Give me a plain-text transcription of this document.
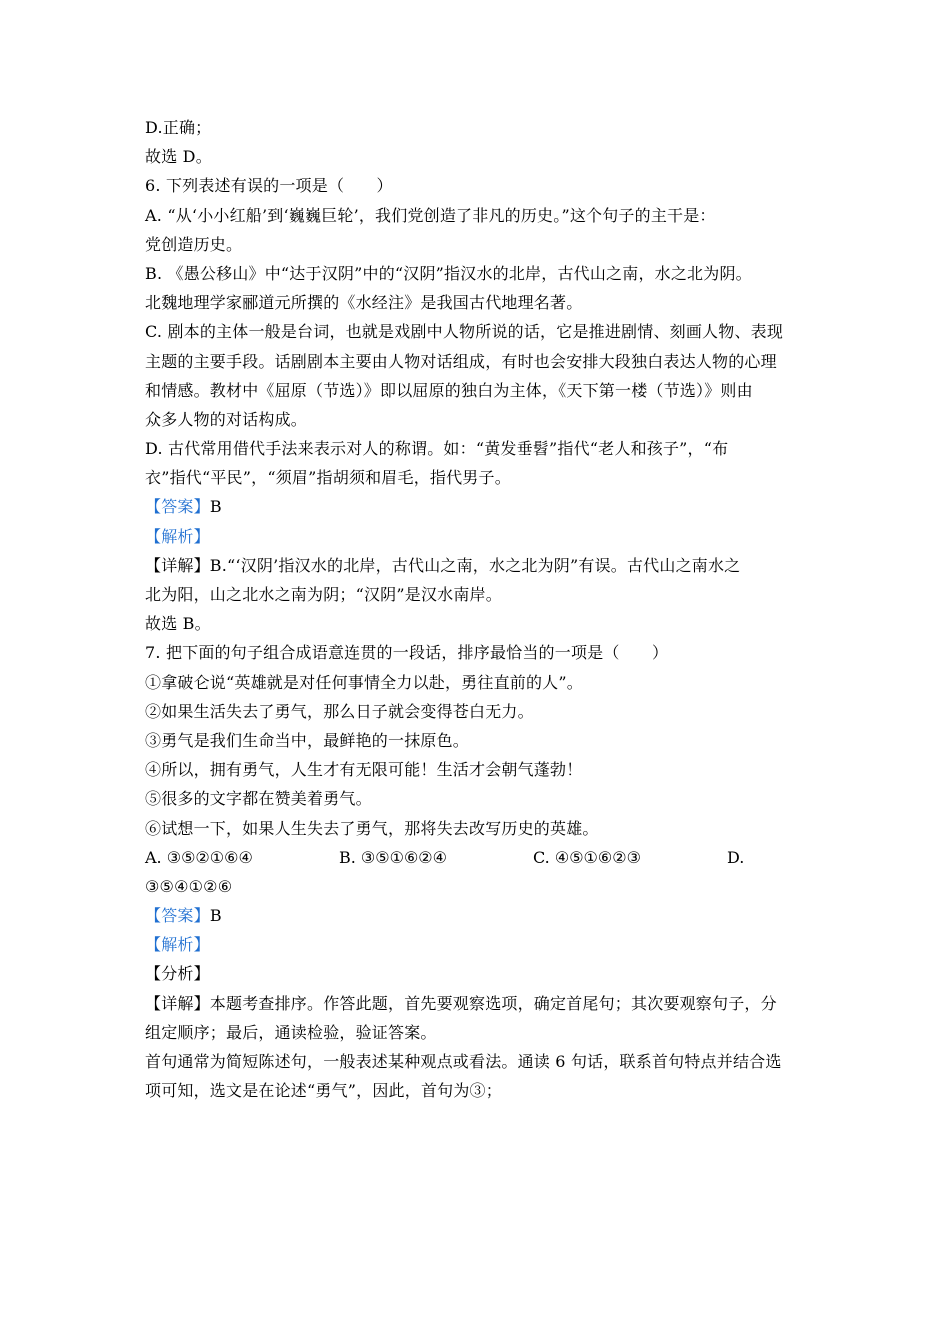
D.正确；
故选 D。
6. 下列表述有误的一项是（　　）
A. “从‘小小红船’到‘巍巍巨轮’，我们党创造了非凡的历史。”这个句子的主干是：
党创造历史。
B. 《愚公移山》中“达于汉阴”中的“汉阴”指汉水的北岸，古代山之南，水之北为阴。
北魏地理学家郦道元所撰的《水经注》是我国古代地理名著。
C. 剧本的主体一般是台词，也就是戏剧中人物所说的话，它是推进剧情、刻画人物、表现
主题的主要手段。话剧剧本主要由人物对话组成，有时也会安排大段独白表达人物的心理
和情感。教材中《屈原（节选）》即以屈原的独白为主体，《天下第一楼（节选）》则由
众多人物的对话构成。
D. 古代常用借代手法来表示对人的称谓。如：“黄发垂髫”指代“老人和孩子”，“布
衣”指代“平民”，“须眉”指胡须和眉毛，指代男子。
【答案】B
【解析】
【详解】B.“‘汉阴’指汉水的北岸，古代山之南，水之北为阴”有误。古代山之南水之
北为阳，山之北水之南为阴；“汉阴”是汉水南岸。
故选 B。
7. 把下面的句子组合成语意连贯的一段话，排序最恰当的一项是（　　）
①拿破仑说“英雄就是对任何事情全力以赴，勇往直前的人”。
②如果生活失去了勇气，那么日子就会变得苍白无力。
③勇气是我们生命当中，最鲜艳的一抹原色。
④所以，拥有勇气，人生才有无限可能！生活才会朝气蓬勃！
⑤很多的文字都在赞美着勇气。
⑥试想一下，如果人生失去了勇气，那将失去改写历史的英雄。
A. ③⑤②①⑥④	B. ③⑤①⑥②④	C. ④⑤①⑥②③	D.
③⑤④①②⑥
【答案】B
【解析】
【分析】
【详解】本题考查排序。作答此题，首先要观察选项，确定首尾句；其次要观察句子，分
组定顺序；最后，通读检验，验证答案。
首句通常为简短陈述句，一般表述某种观点或看法。通读 6 句话，联系首句特点并结合选
项可知，选文是在论述“勇气”，因此，首句为③；
